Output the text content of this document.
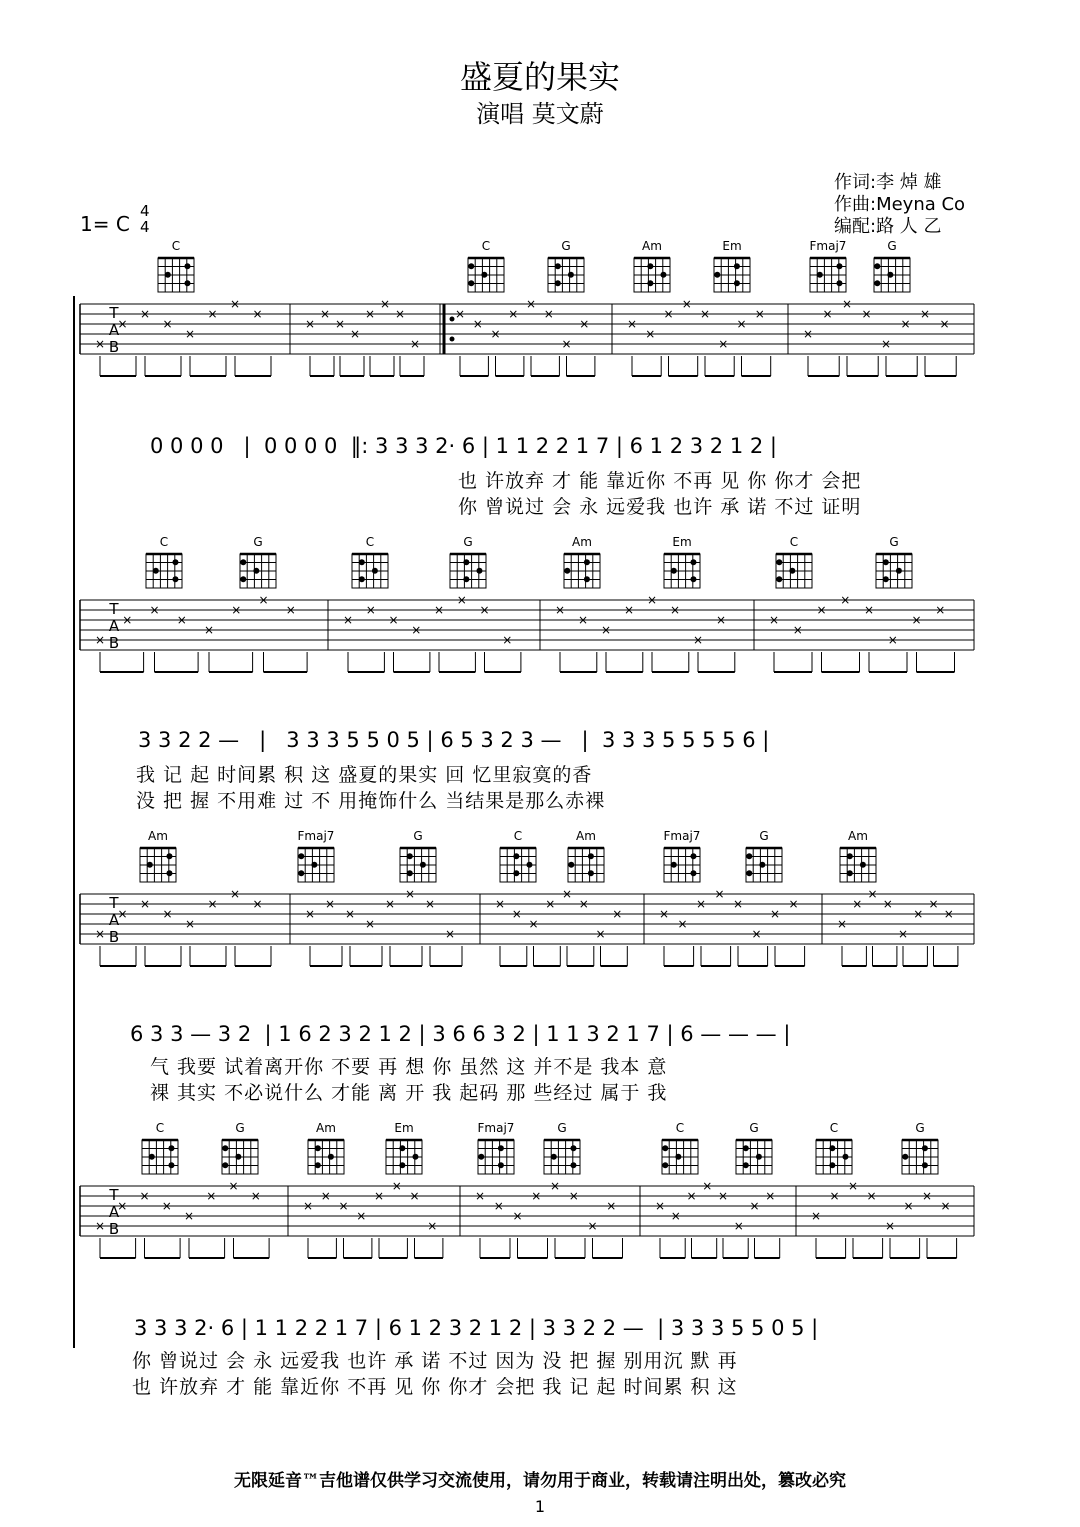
盛夏的果实
演唱 莫文蔚
作词:李 焯 雄
作曲:Meyna Co
编配:路 人 乙
1= C
4
4
C	C	G	Am	Em	Fmaj7	G
T
A
B
×
×
×
×
×
×
×
×
×
×
×
×
×
×
×
×
×
×
×
×
×
×
×
×	×
×
×
×
×
×
×
×
×
×
×
×
×
×
×
×
C	G	C	G	Am	Em	C	G
T
A
B
×
×
×
×
×
×
×
×
×
×
×
×
×
×
×
×
×
×
×
×
×
×
×
×	×
×
×
×
×
×
×
×
Am	Fmaj7	G	C	Am	Fmaj7	G	Am
T
A
B
×
×
×
×
×
×
×
×
×
×
×
×
×
×
×
×
×
×
×
×
×
×
×
×	×
×
×
×
×
×
×
×
×
×
×
×
×
×
×
×
C	G	Am	Em	Fmaj7	G	C	G	C	G
T
A
B
×
×
×
×
×
×
×
×
×
×
×
×
×
×
×
×
×
×
×
×
×
×
×
×	×
×
×
×
×
×
×
×
×
×
×
×
×
×
×
×
0 0 0 0   |  0 0 0 0  ‖: 3 3 3 2· 6 | 1 1 2 2 1 7 | 6 1 2 3 2 1 2 |
也 许放弃 才 能 靠近你 不再 见 你 你才 会把
你 曾说过 会 永 远爱我 也许 承 诺 不过 证明
3 3 2 2 —   |   3 3 3 5 5 0 5 | 6 5 3 2 3 —   |  3 3 3 5 5 5 5 6 |
我 记 起 时间累 积 这 盛夏的果实 回 忆里寂寞的香
没 把 握 不用难 过 不 用掩饰什么 当结果是那么赤裸
6 3 3 — 3 2  | 1 6 2 3 2 1 2 | 3 6 6 3 2 | 1 1 3 2 1 7 | 6 — — — |
气 我要 试着离开你 不要 再 想 你 虽然 这 并不是 我本 意
裸 其实 不必说什么 才能 离 开 我 起码 那 些经过 属于 我
3 3 3 2· 6 | 1 1 2 2 1 7 | 6 1 2 3 2 1 2 | 3 3 2 2 —  | 3 3 3 5 5 0 5 |
你 曾说过 会 永 远爱我 也许 承 诺 不过 因为 没 把 握 别用沉 默 再
也 许放弃 才 能 靠近你 不再 见 你 你才 会把 我 记 起 时间累 积 这
无限延音™吉他谱仅供学习交流使用，请勿用于商业，转载请注明出处，篡改必究
1
